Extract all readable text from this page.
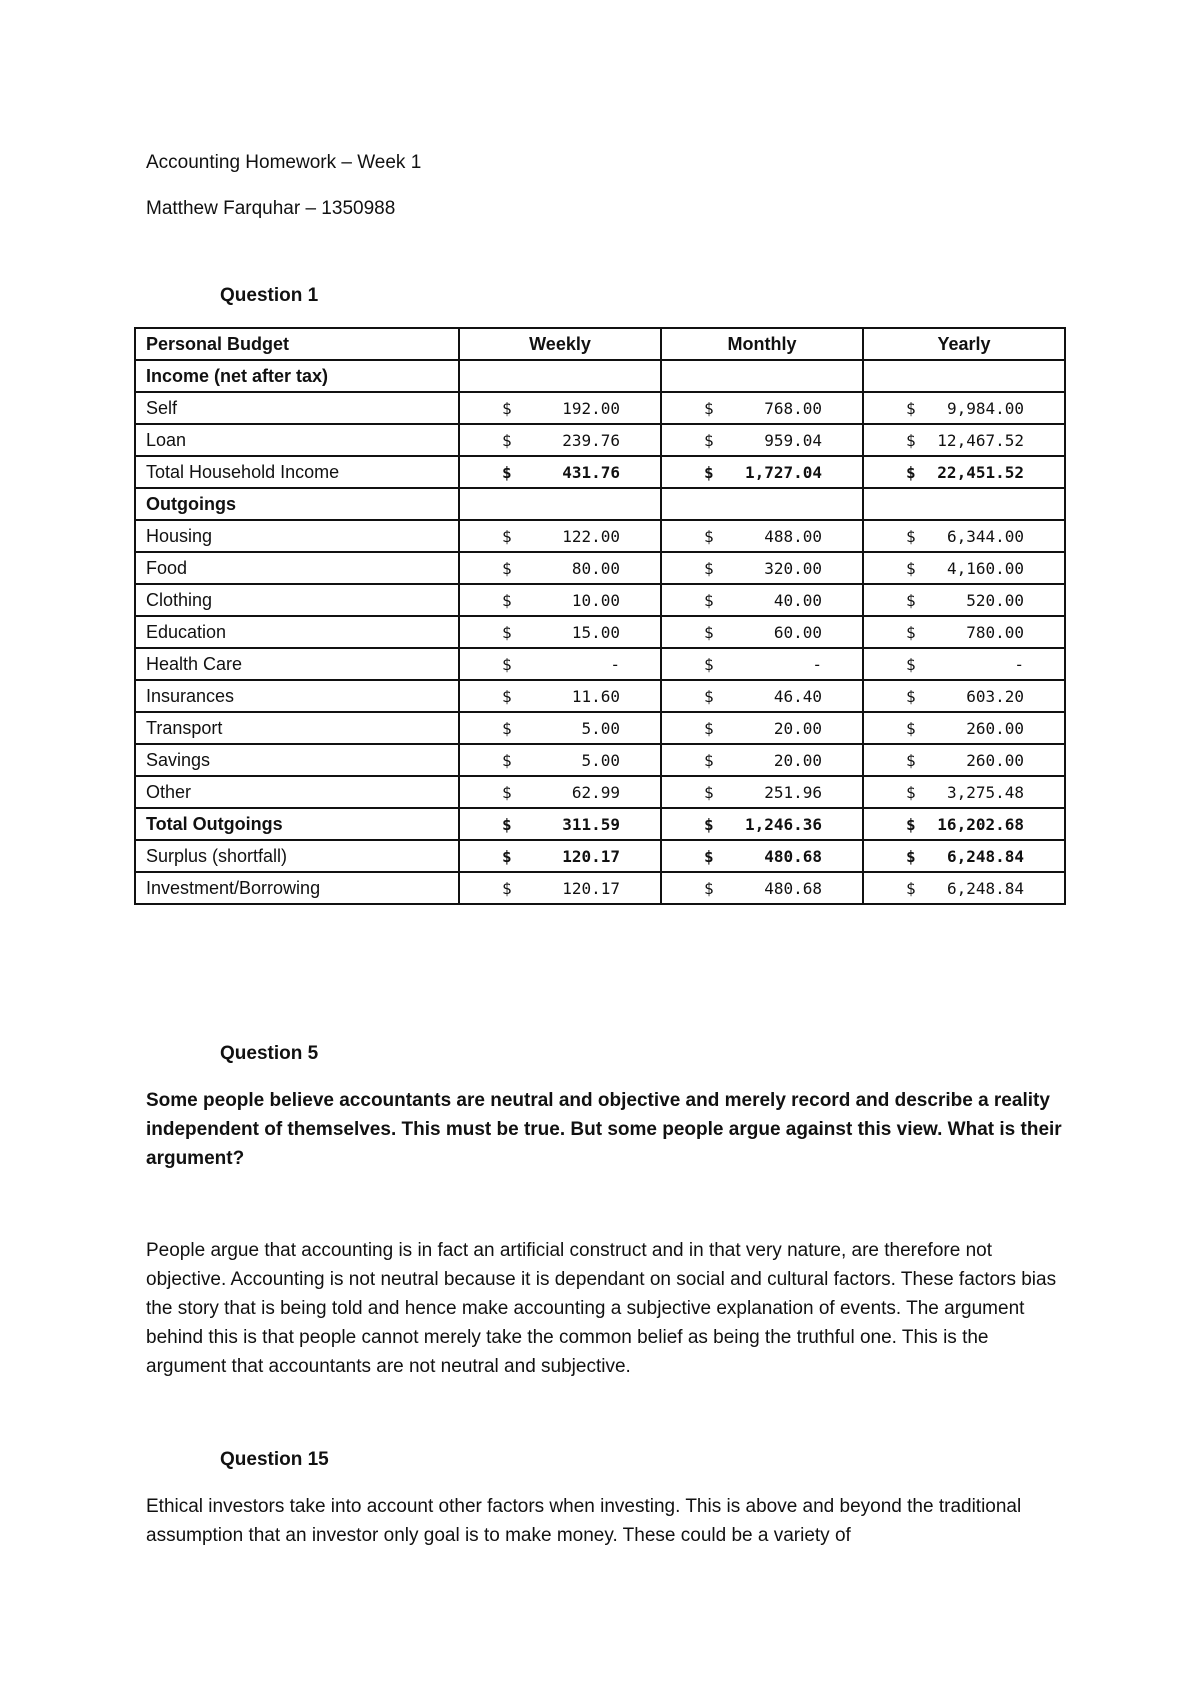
Accounting Homework – Week 1
Matthew Farquhar – 1350988
Question 1
Personal Budget	Weekly	Monthly	Yearly
Income (net after tax)			
Self	$ 192.00	$ 768.00	$ 9,984.00

Loan	$ 239.76	$ 959.04	$ 12,467.52

Total Household Income	$ 431.76	$ 1,727.04	$ 22,451.52

Outgoings			
Housing	$ 122.00	$ 488.00	$ 6,344.00

Food	$ 80.00	$ 320.00	$ 4,160.00

Clothing	$ 10.00	$ 40.00	$ 520.00

Education	$ 15.00	$ 60.00	$ 780.00

Health Care	$ -	$ -	$ -

Insurances	$ 11.60	$ 46.40	$ 603.20

Transport	$ 5.00	$ 20.00	$ 260.00

Savings	$ 5.00	$ 20.00	$ 260.00

Other	$ 62.99	$ 251.96	$ 3,275.48

Total Outgoings	$ 311.59	$ 1,246.36	$ 16,202.68

Surplus (shortfall)	$ 120.17	$ 480.68	$ 6,248.84

Investment/Borrowing	$ 120.17	$ 480.68	$ 6,248.84
Question 5
Some people believe accountants are neutral and objective and merely record and describe a reality independent of themselves. This must be true. But some people argue against this view. What is their argument?
People argue that accounting is in fact an artificial construct and in that very nature, are therefore not objective. Accounting is not neutral because it is dependant on social and cultural factors. These factors bias the story that is being told and hence make accounting a subjective explanation of events. The argument behind this is that people cannot merely take the common belief as being the truthful one. This is the argument that accountants are not neutral and subjective.
Question 15
Ethical investors take into account other factors when investing. This is above and beyond the traditional assumption that an investor only goal is to make money. These could be a variety of
